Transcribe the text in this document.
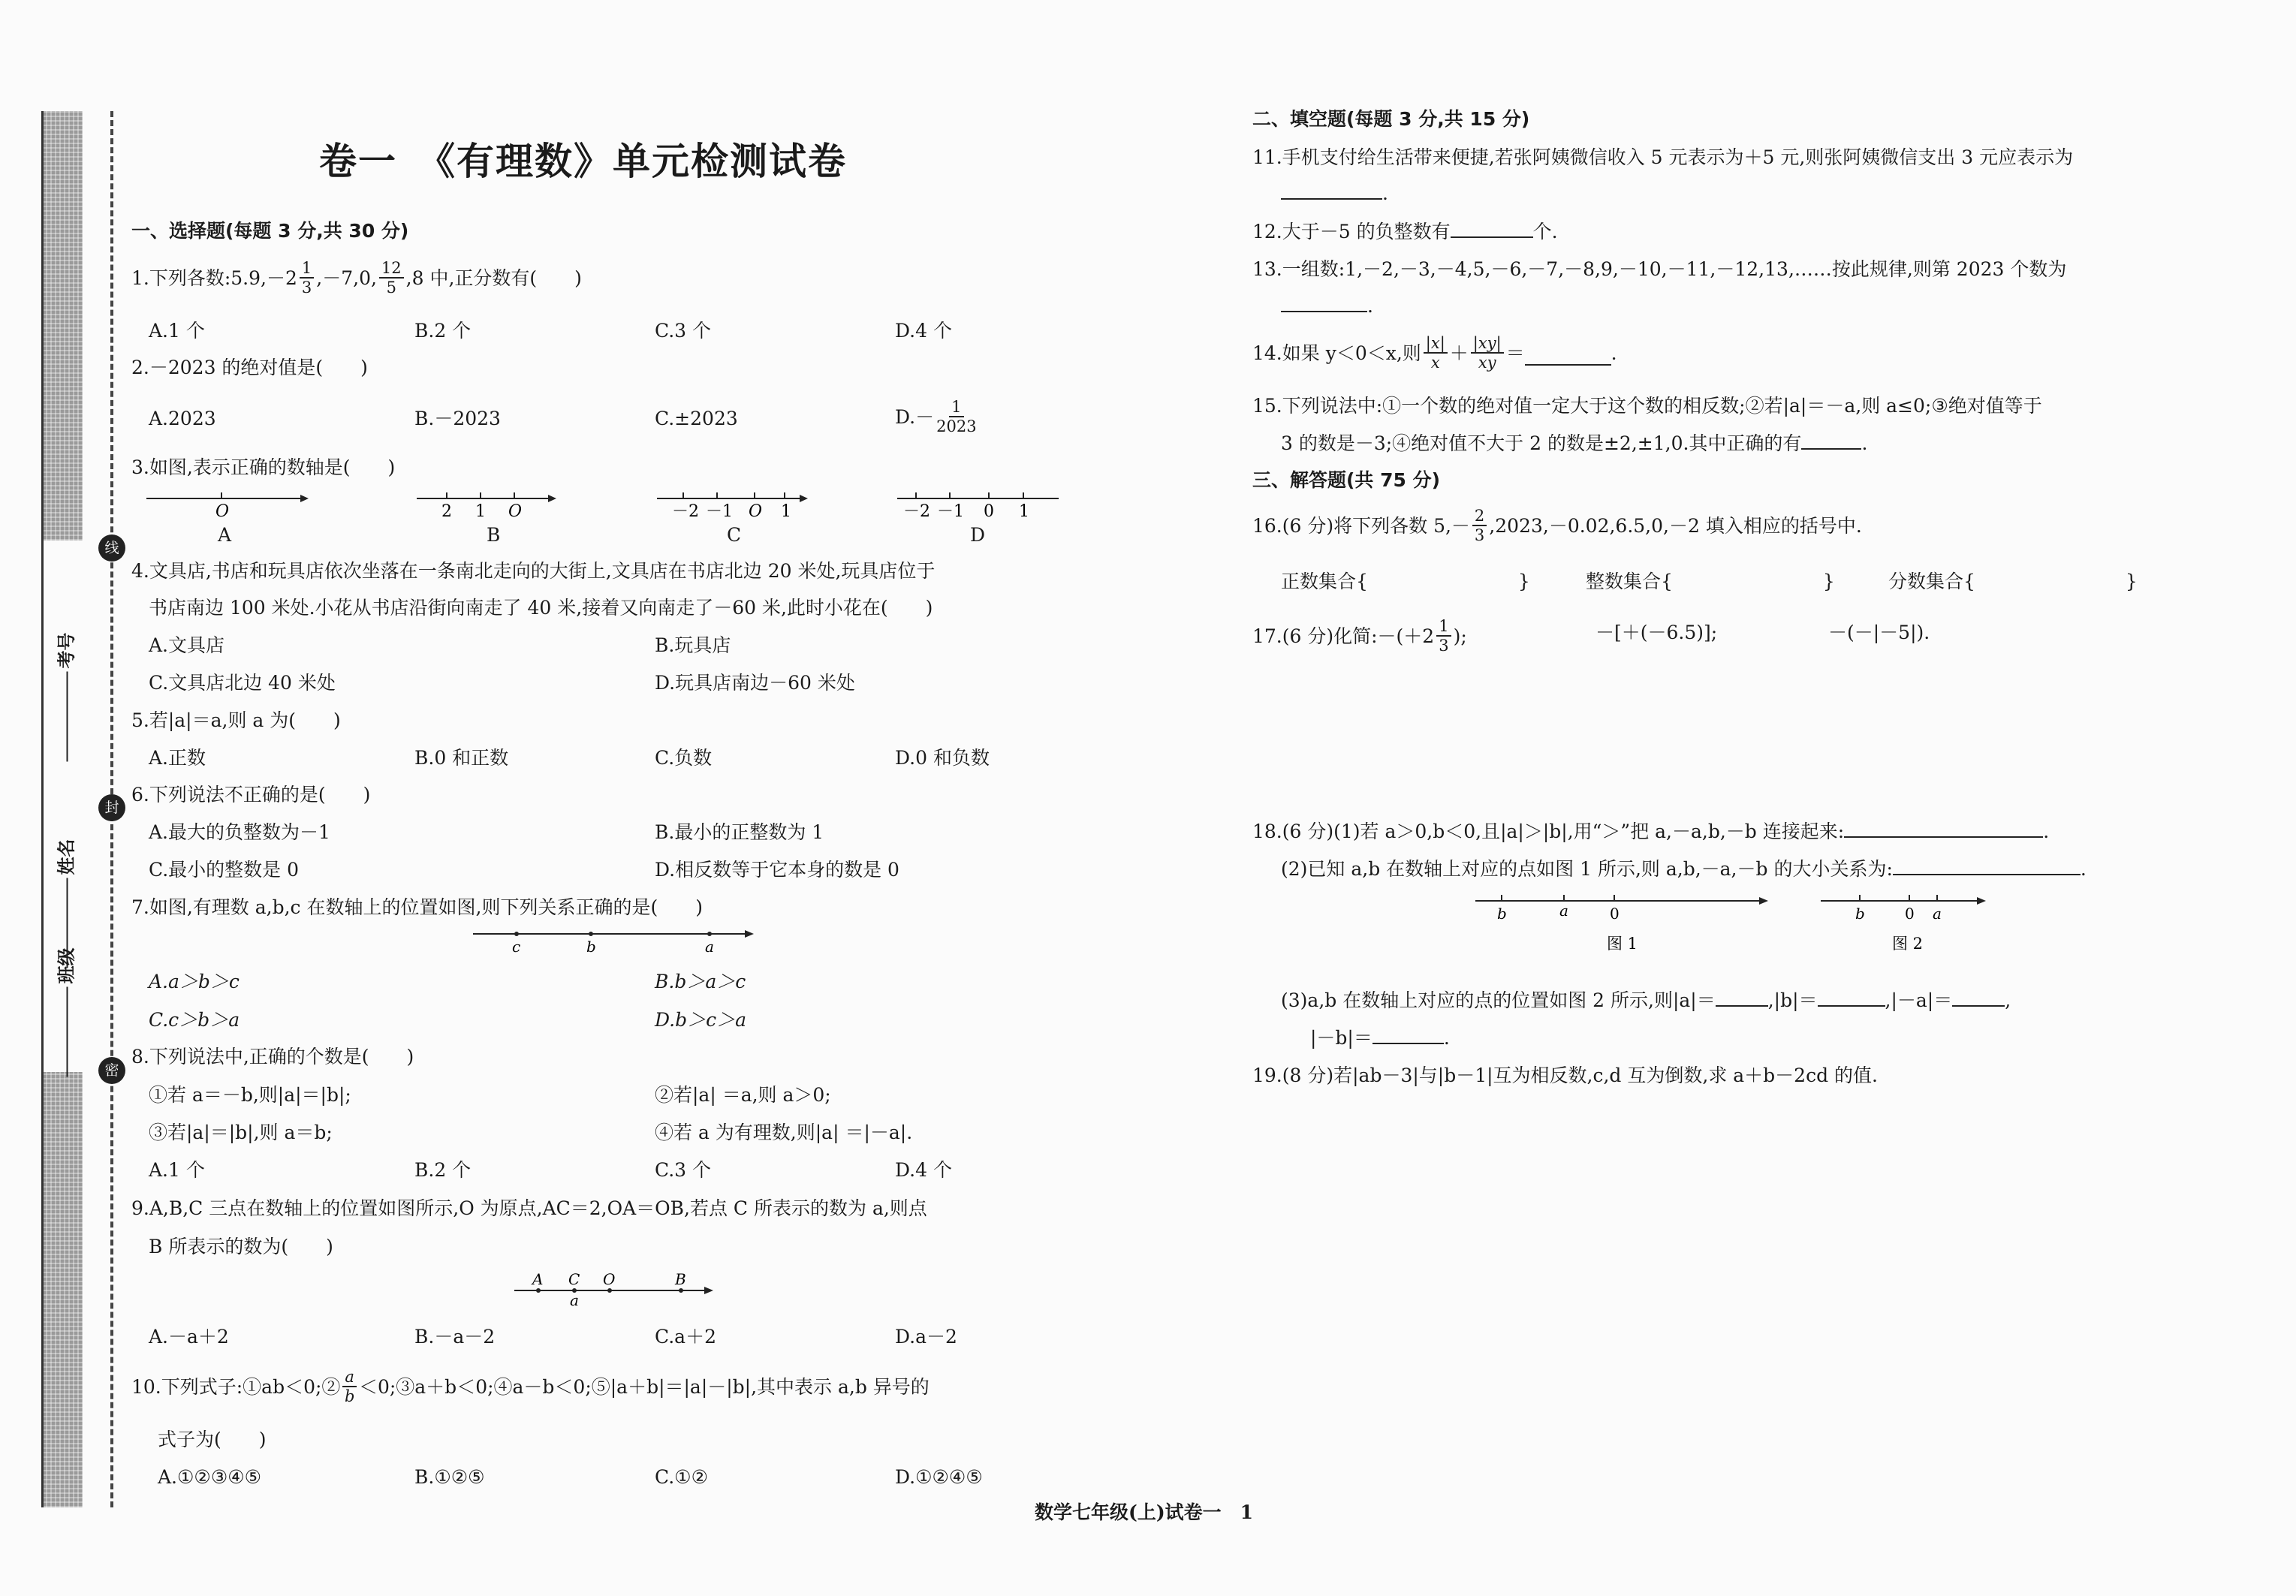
线
封
密
考号
姓名
班级
卷一　《有理数》单元检测试卷
一、选择题(每题 3 分,共 30 分)
1.下列各数:5.9,－2 $\frac{1}{3} ,-7,0$, $\frac{12}{5} ,8$ 中,正分数有(　　)
A.1 个	B.2 个	C.3 个	D.4 个
2.－2023 的绝对值是(　　)
A.2023	B.－2023	C.±2023	$D.- \frac{1}{2023}$
3.如图,表示正确的数轴是(　　)
O	2 1 O	－2 －1 O 1	－2 －1 0 1
A	B	C	D
4.文具店,书店和玩具店依次坐落在一条南北走向的大街上,文具店在书店北边 20 米处,玩具店位于
书店南边 100 米处.小花从书店沿街向南走了 40 米,接着又向南走了－60 米,此时小花在(　　)
A.文具店	B.玩具店
C.文具店北边 40 米处	D.玩具店南边－60 米处
5.若|a|＝a,则 a 为(　　)
A.正数	B.0 和正数	C.负数	D.0 和负数
6.下列说法不正确的是(　　)
A.最大的负整数为－1	B.最小的正整数为 1
C.最小的整数是 0	D.相反数等于它本身的数是 0
7.如图,有理数 a,b,c 在数轴上的位置如图,则下列关系正确的是(　　)
c	b	a
A.a＞b＞c	B.b＞a＞c
C.c＞b＞a	D.b＞c＞a
8.下列说法中,正确的个数是(　　)
①若 a＝－b,则|a|＝|b|;	②若|a| ＝a,则 a＞0;
③若|a|＝|b|,则 a＝b;	④若 a 为有理数,则|a| ＝|－a|.
A.1 个	B.2 个	C.3 个	D.4 个
9.A,B,C 三点在数轴上的位置如图所示,O 为原点,AC＝2,OA＝OB,若点 C 所表示的数为 a,则点
B 所表示的数为(　　)
A C O	B
a
A.－a＋2	B.－a－2	C.a＋2	D.a－2
10.下列式子:①ab＜0;② $\frac{a}{b}$ ＜0;③a＋b＜0;④a－b＜0;⑤|a＋b|＝|a|－|b|,其中表示 a,b 异号的
式子为(　　)
A.①②③④⑤	B.①②⑤	C.①②	D.①②④⑤
二、填空题(每题 3 分,共 15 分)
11.手机支付给生活带来便捷,若张阿姨微信收入 5 元表示为＋5 元,则张阿姨微信支出 3 元应表示为
.
12.大于－5 的负整数有	个.
13.一组数:1,－2,－3,－4,5,－6,－7,－8,9,－10,－11,－12,13,……按此规律,则第 2023 个数为
.
14.如果 y＜0＜x,则 $\frac{|x|}{x} + \frac{|xy|}{xy}$ ＝	.
15.下列说法中:①一个数的绝对值一定大于这个数的相反数;②若|a|＝－a,则 a≤0;③绝对值等于
3 的数是－3;④绝对值不大于 2 的数是±2,±1,0.其中正确的有	.
三、解答题(共 75 分)
16.(6 分)将下列各数 $5,- \frac{2}{3} ,2023,-0.02,6.5,0,-2$ 填入相应的括号中.
正数集合{	}	整数集合{	}	分数集合{	}
17.(6 分)化简:－(＋2 $\frac{1}{3}$ );	－[＋(－6.5)];	－(－|－5|).
18.(6 分)(1)若 a＞0,b＜0,且|a|＞|b|,用“＞”把 a,－a,b,－b 连接起来:	.
(2)已知 a,b 在数轴上对应的点如图 1 所示,则 a,b,－a,－b 的大小关系为:	.
b	a	0
图 1
b	0 a
图 2
(3)a,b 在数轴上对应的点的位置如图 2 所示,则|a|＝	,|b|＝	,|－a|＝	,
|－b|＝	.
19.(8 分)若|ab－3|与|b－1|互为相反数,c,d 互为倒数,求 a＋b－2cd 的值.
数学七年级(上)试卷一　1
